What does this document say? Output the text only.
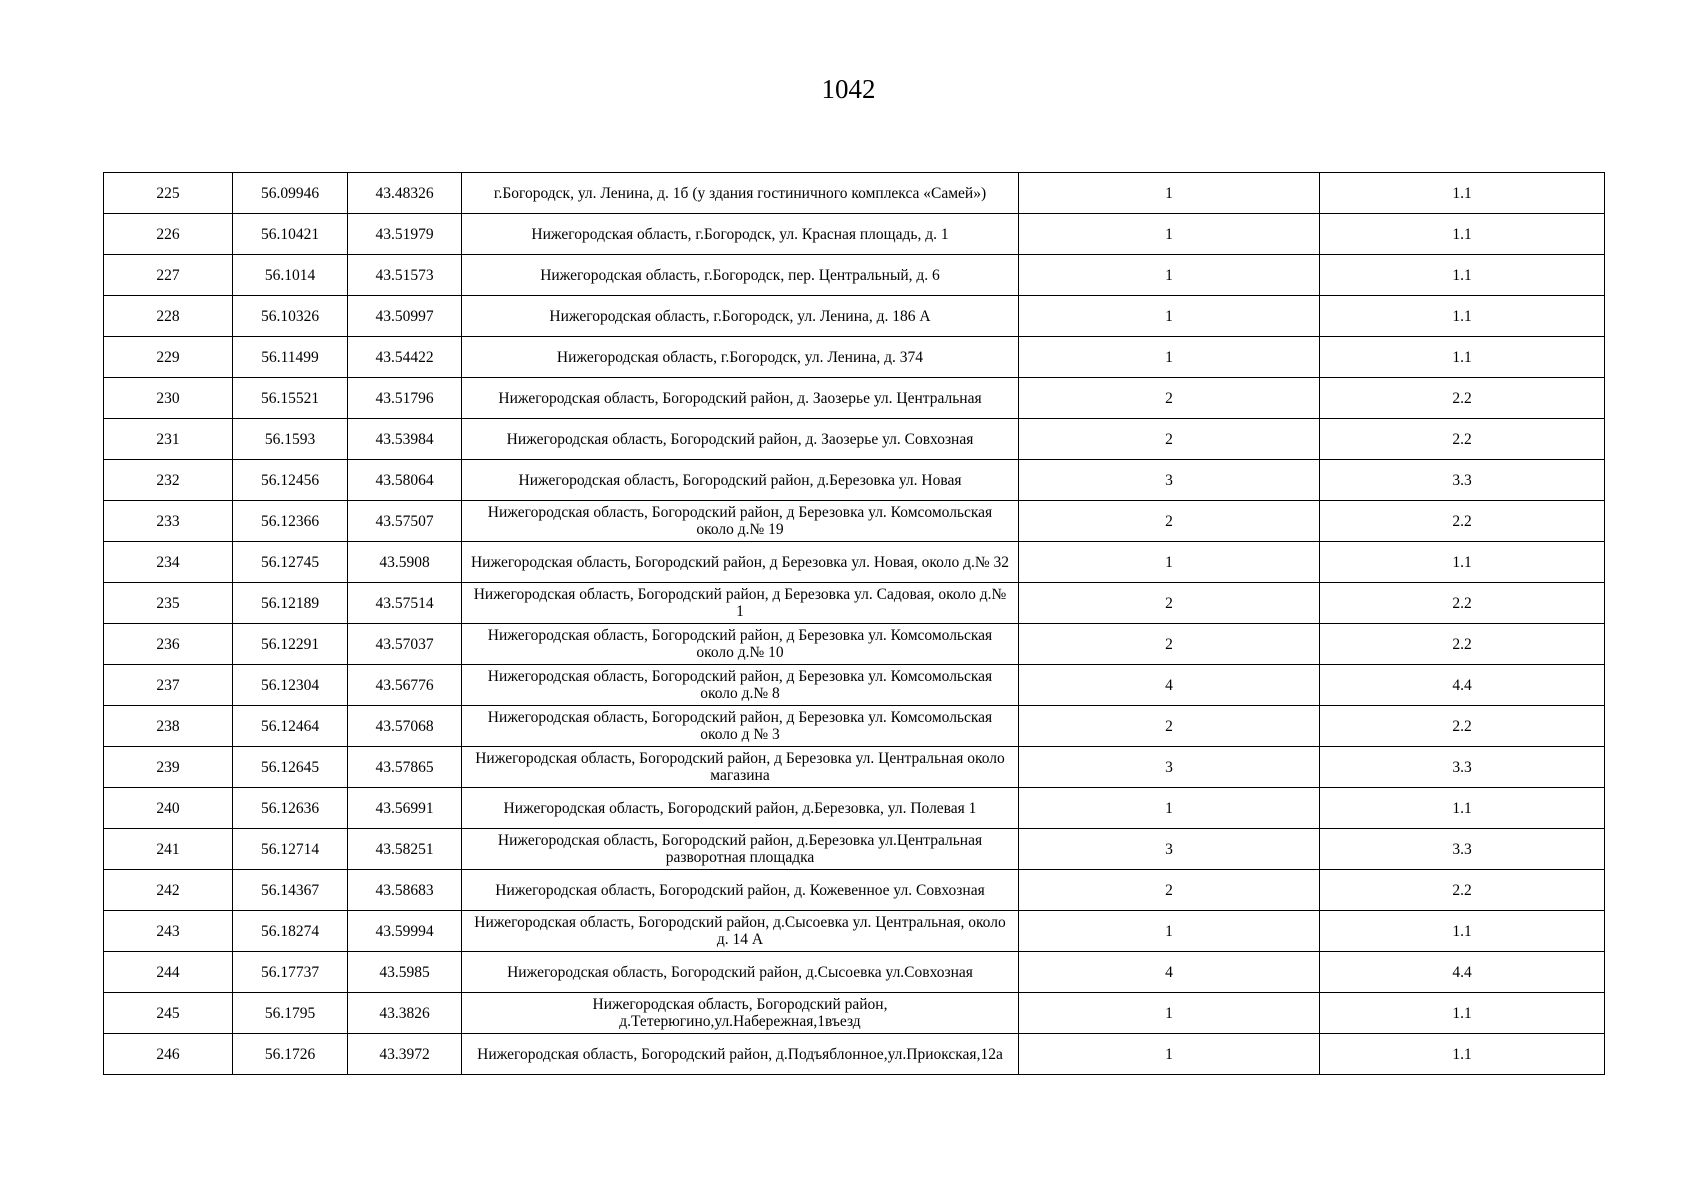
1042
225	56.09946	43.48326	г.Богородск, ул. Ленина, д. 1б (у здания гостиничного комплекса «Самей»)	1	1.1
226	56.10421	43.51979	Нижегородская область, г.Богородск, ул. Красная площадь, д. 1	1	1.1
227	56.1014	43.51573	Нижегородская область, г.Богородск, пер. Центральный, д. 6	1	1.1
228	56.10326	43.50997	Нижегородская область, г.Богородск, ул. Ленина, д. 186 А	1	1.1
229	56.11499	43.54422	Нижегородская область, г.Богородск, ул. Ленина, д. 374	1	1.1
230	56.15521	43.51796	Нижегородская область, Богородский район, д. Заозерье ул. Центральная	2	2.2
231	56.1593	43.53984	Нижегородская область, Богородский район, д. Заозерье ул. Совхозная	2	2.2
232	56.12456	43.58064	Нижегородская область, Богородский район, д.Березовка ул. Новая	3	3.3
233	56.12366	43.57507	Нижегородская область, Богородский район, д Березовка ул. Комсомольская около д.№ 19	2	2.2
234	56.12745	43.5908	Нижегородская область, Богородский район, д Березовка ул. Новая, около д.№ 32	1	1.1
235	56.12189	43.57514	Нижегородская область, Богородский район, д Березовка ул. Садовая, около д.№ 1	2	2.2
236	56.12291	43.57037	Нижегородская область, Богородский район, д Березовка ул. Комсомольская около д.№ 10	2	2.2
237	56.12304	43.56776	Нижегородская область, Богородский район, д Березовка ул. Комсомольская около д.№ 8	4	4.4
238	56.12464	43.57068	Нижегородская область, Богородский район, д Березовка ул. Комсомольская около д № 3	2	2.2
239	56.12645	43.57865	Нижегородская область, Богородский район, д Березовка ул. Центральная около магазина	3	3.3
240	56.12636	43.56991	Нижегородская область, Богородский район, д.Березовка, ул. Полевая 1	1	1.1
241	56.12714	43.58251	Нижегородская область, Богородский район, д.Березовка ул.Центральная разворотная площадка	3	3.3
242	56.14367	43.58683	Нижегородская область, Богородский район, д. Кожевенное ул. Совхозная	2	2.2
243	56.18274	43.59994	Нижегородская область, Богородский район, д.Сысоевка ул. Центральная, около д. 14 А	1	1.1
244	56.17737	43.5985	Нижегородская область, Богородский район, д.Сысоевка ул.Совхозная	4	4.4
245	56.1795	43.3826	Нижегородская область, Богородский район, д.Тетерюгино,ул.Набережная,1въезд	1	1.1
246	56.1726	43.3972	Нижегородская область, Богородский район, д.Подъяблонное,ул.Приокская,12а	1	1.1
